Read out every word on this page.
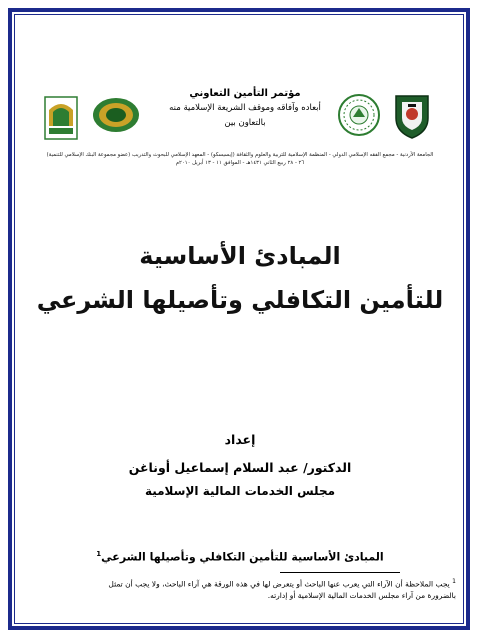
مؤتمر التأمين التعاوني
أبعاده وآفاقه وموقف الشريعة الإسلامية منه
بالتعاون بين
الجامعة الأردنية - مجمع الفقه الإسلامي الدولي - المنظمة الإسلامية للتربية والعلوم والثقافة (إيسيسكو) - المعهد الإسلامي للبحوث والتدريب (عضو مجموعة البنك الإسلامي للتنمية)
٢٦ - ٢٨ ربيع الثاني ١٤٣١هـ - الموافق ١١ - ١٣ أبريل ٢٠١٠م
المبادئ الأساسية
للتأمين التكافلي وتأصيلها الشرعي
إعداد
الدكتور/ عبد السلام إسماعيل أوناغن
مجلس الخدمات المالية الإسلامية
المبادئ الأساسية للتأمين التكافلي وتأصيلها الشرعي$^1$
$^1$ يجب الملاحظة أن الآراء التي يعرب عنها الباحث أو يتعرض لها في هذه الورقة هي آراء الباحث، ولا يجب أن تمثل
بالضرورة من آراء مجلس الخدمات المالية الإسلامية أو إدارته.
